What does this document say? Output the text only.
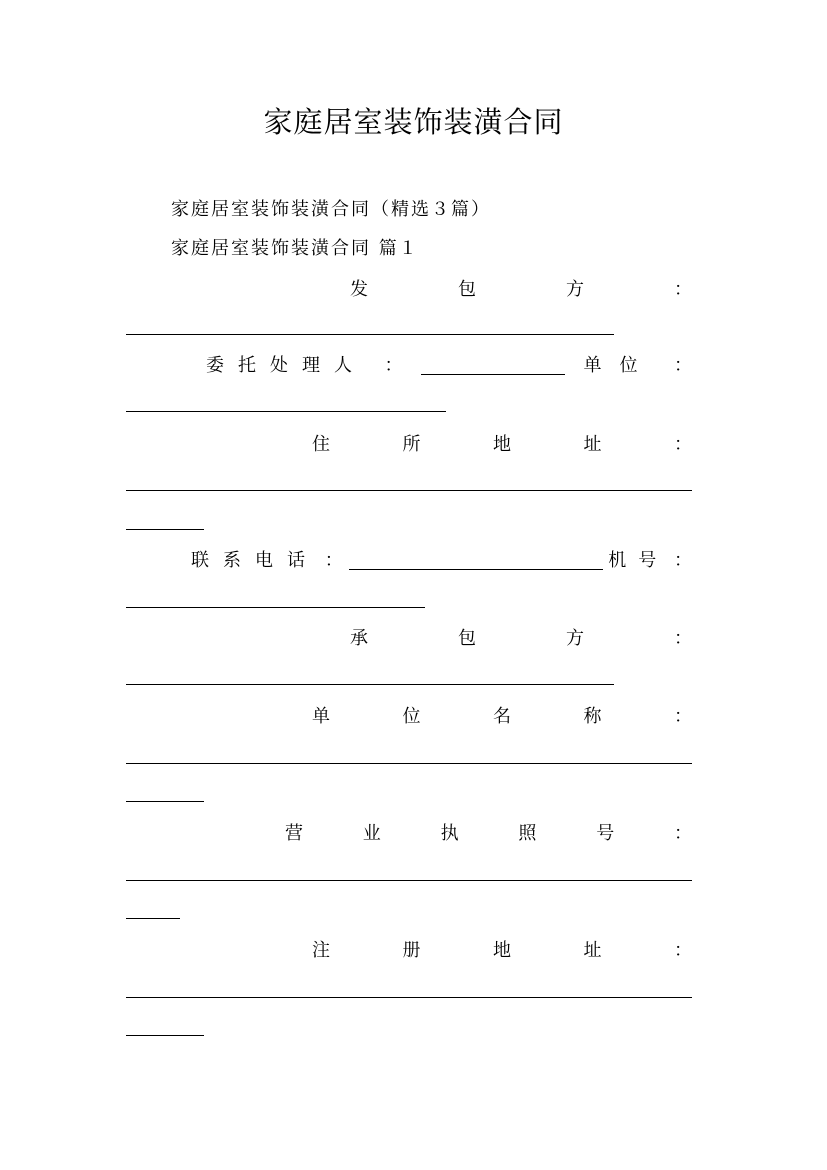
家庭居室装饰装潢合同
家庭居室装饰装潢合同（精选３篇）
家庭居室装饰装潢合同 篇１
发	包	方	：
委托处理人 ：	单位 ：
住	所	地	址	：
联系电话 ：	机号 ：
承	包	方	：
单	位	名	称	：
营	业	执	照	号	：
注	册	地	址	：
